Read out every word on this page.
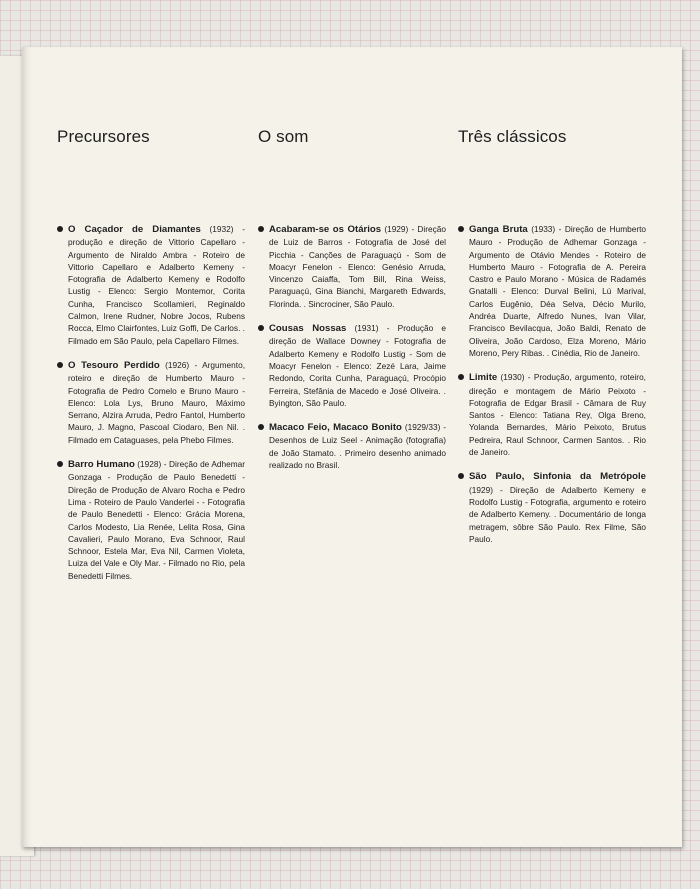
Precursores

O Caçador de Diamantes (1932) - produção e direção de Vittorio Capellaro - Argumento de Niraldo Ambra - Roteiro de Vittorio Capellaro e Adalberto Kemeny - Fotografia de Adalberto Kemeny e Rodolfo Lustig - Elenco: Sergio Montemor, Corita Cunha, Francisco Scollamieri, Reginaldo Calmon, Irene Rudner, Nobre Jocos, Rubens Rocca, Elmo Clairfontes, Luiz Goffi, De Carlos. . Filmado em São Paulo, pela Capellaro Filmes.

O Tesouro Perdido (1926) - Argumento, roteiro e direção de Humberto Mauro - Fotografia de Pedro Comelo e Bruno Mauro - Elenco: Lola Lys, Bruno Mauro, Máximo Serrano, Alzira Arruda, Pedro Fantol, Humberto Mauro, J. Magno, Pascoal Ciodaro, Ben Nil. . Filmado em Cataguases, pela Phebo Filmes.

Barro Humano (1928) - Direção de Adhemar Gonzaga - Produção de Paulo Benedetti - Direção de Produção de Alvaro Rocha e Pedro Lima - Roteiro de Paulo Vanderlei - - Fotografia de Paulo Benedetti - Elenco: Grácia Morena, Carlos Modesto, Lia Renée, Lelita Rosa, Gina Cavalieri, Paulo Morano, Eva Schnoor, Raul Schnoor, Estela Mar, Eva Nil, Carmen Violeta, Luiza del Vale e Oly Mar. - Filmado no Rio, pela Benedetti Filmes.

O som

Acabaram-se os Otários (1929) - Direção de Luiz de Barros - Fotografia de José del Picchia - Canções de Paraguaçú - Som de Moacyr Fenelon - Elenco: Genésio Arruda, Vincenzo Caiaffa, Tom Bill, Rina Weiss, Paraguaçú, Gina Bianchi, Margareth Edwards, Florinda. . Sincrociner, São Paulo.

Cousas Nossas (1931) - Produção e direção de Wallace Downey - Fotografia de Adalberto Kemeny e Rodolfo Lustig - Som de Moacyr Fenelon - Elenco: Zezé Lara, Jaime Redondo, Corita Cunha, Paraguaçú, Procópio Ferreira, Stefânia de Macedo e José Oliveira. . Byington, São Paulo.

Macaco Feio, Macaco Bonito (1929/33) - Desenhos de Luiz Seel - Animação (fotografia) de João Stamato. . Primeiro desenho animado realizado no Brasil.

Três clássicos

Ganga Bruta (1933) - Direção de Humberto Mauro - Produção de Adhemar Gonzaga - Argumento de Otávio Mendes - Roteiro de Humberto Mauro - Fotografia de A. Pereira Castro e Paulo Morano - Música de Radamés Gnatalli - Elenco: Durval Belini, Lú Marival, Carlos Eugênio, Déa Selva, Décio Murilo, Andréa Duarte, Alfredo Nunes, Ivan Vilar, Francisco Bevilacqua, João Baldi, Renato de Oliveira, João Cardoso, Elza Moreno, Mário Moreno, Pery Ribas. . Cinédia, Rio de Janeiro.

Limite (1930) - Produção, argumento, roteiro, direção e montagem de Mário Peixoto - Fotografia de Edgar Brasil - Câmara de Ruy Santos - Elenco: Tatiana Rey, Olga Breno, Yolanda Bernardes, Mário Peixoto, Brutus Pedreira, Raul Schnoor, Carmen Santos. . Rio de Janeiro.

São Paulo, Sinfonia da Metrópole (1929) - Direção de Adalberto Kemeny e Rodolfo Lustig - Fotografia, argumento e roteiro de Adalberto Kemeny. . Documentário de longa metragem, sôbre São Paulo. Rex Filme, São Paulo.
